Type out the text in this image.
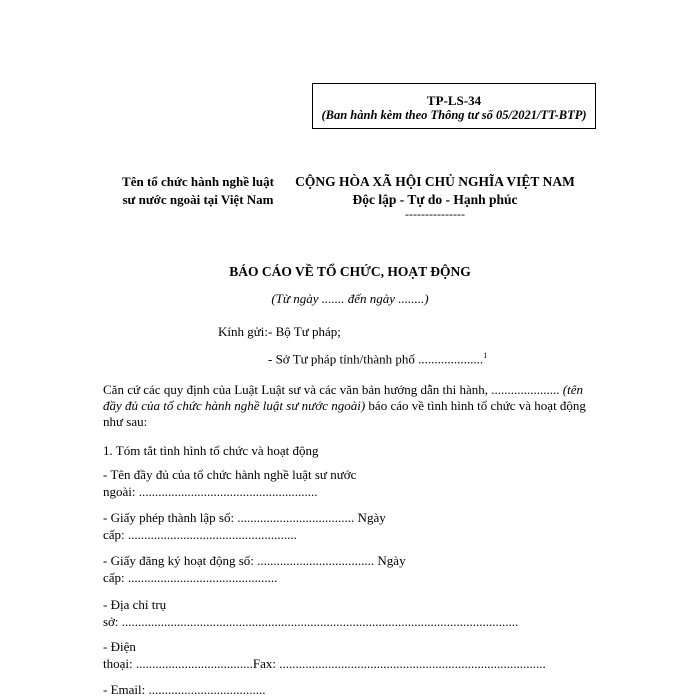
TP-LS-34
(Ban hành kèm theo Thông tư số 05/2021/TT-BTP)
Tên tổ chức hành nghề luật
sư nước ngoài tại Việt Nam
CỘNG HÒA XÃ HỘI CHỦ NGHĨA VIỆT NAM
Độc lập - Tự do - Hạnh phúc
---------------
BÁO CÁO VỀ TỔ CHỨC, HOẠT ĐỘNG
(Từ ngày ....... đến ngày ........)
Kính gửi:- Bộ Tư pháp;
- Sở Tư pháp tỉnh/thành phố ....................$^1$
Căn cứ các quy định của Luật Luật sư và các văn bản hướng dẫn thi hành, ..................... (tên đầy đủ của tổ chức hành nghề luật sư nước ngoài) báo cáo về tình hình tổ chức và hoạt động như sau:
1. Tóm tắt tình hình tổ chức và hoạt động
- Tên đầy đủ của tổ chức hành nghề luật sư nước
ngoài: .......................................................
- Giấy phép thành lập số: .................................... Ngày
cấp: ....................................................
- Giấy đăng ký hoạt động số: .................................... Ngày
cấp: ..............................................
- Địa chỉ trụ
sở: ..........................................................................................................................
- Điện
thoại: ....................................Fax: ..................................................................................
- Email: ....................................
